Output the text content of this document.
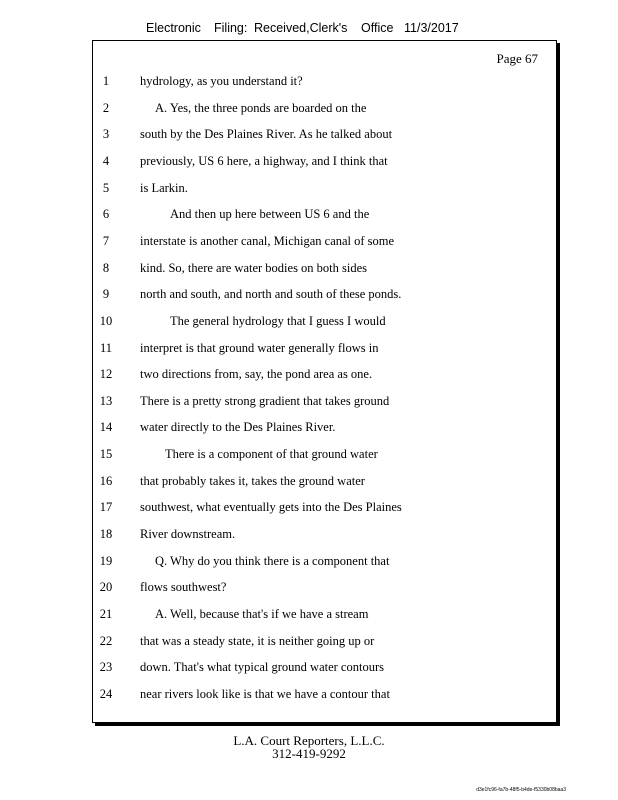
Electronic Filing: Received,Clerk's Office 11/3/2017
Page 67
1	hydrology, as you understand it?
2	A. Yes, the three ponds are boarded on the
3	south by the Des Plaines River. As he talked about
4	previously, US 6 here, a highway, and I think that
5	is Larkin.
6	And then up here between US 6 and the
7	interstate is another canal, Michigan canal of some
8	kind. So, there are water bodies on both sides
9	north and south, and north and south of these ponds.
10	The general hydrology that I guess I would
11	interpret is that ground water generally flows in
12	two directions from, say, the pond area as one.
13	There is a pretty strong gradient that takes ground
14	water directly to the Des Plaines River.
15	There is a component of that ground water
16	that probably takes it, takes the ground water
17	southwest, what eventually gets into the Des Plaines
18	River downstream.
19	Q. Why do you think there is a component that
20	flows southwest?
21	A. Well, because that's if we have a stream
22	that was a steady state, it is neither going up or
23	down. That's what typical ground water contours
24	near rivers look like is that we have a contour that
L.A. Court Reporters, L.L.C.
312-419-9292
d3e1fc96-fa7b-48f5-b4de-f5330b08baa3
